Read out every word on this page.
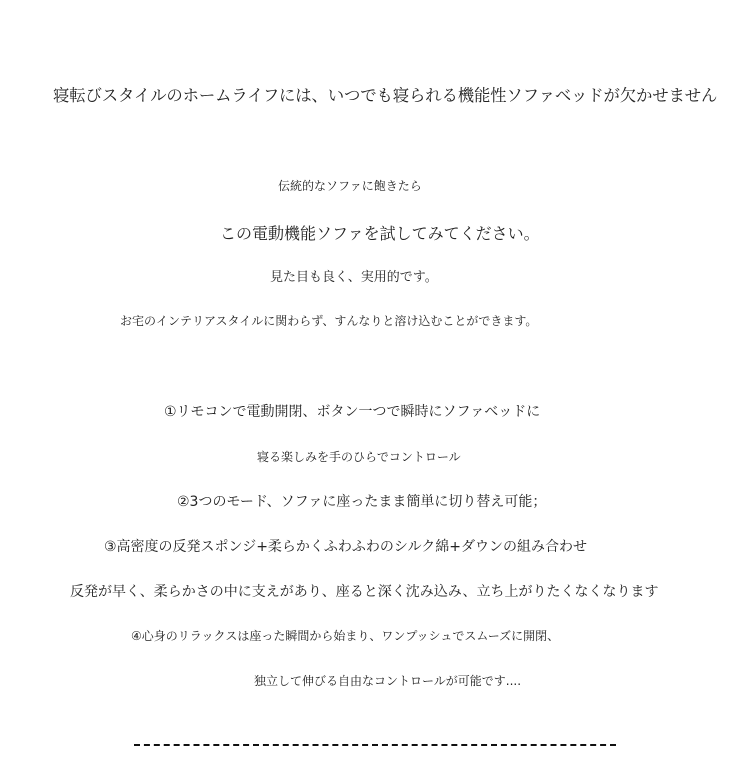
寝転びスタイルのホームライフには、いつでも寝られる機能性ソファベッドが欠かせません
伝統的なソファに飽きたら
この電動機能ソファを試してみてください。
見た目も良く、実用的です。
お宅のインテリアスタイルに関わらず、すんなりと溶け込むことができます。
①リモコンで電動開閉、ボタン一つで瞬時にソファベッドに
寝る楽しみを手のひらでコントロール
②3つのモード、ソファに座ったまま簡単に切り替え可能；
③高密度の反発スポンジ+柔らかくふわふわのシルク綿+ダウンの組み合わせ
反発が早く、柔らかさの中に支えがあり、座ると深く沈み込み、立ち上がりたくなくなります
④心身のリラックスは座った瞬間から始まり、ワンプッシュでスムーズに開閉、
独立して伸びる自由なコントロールが可能です....
